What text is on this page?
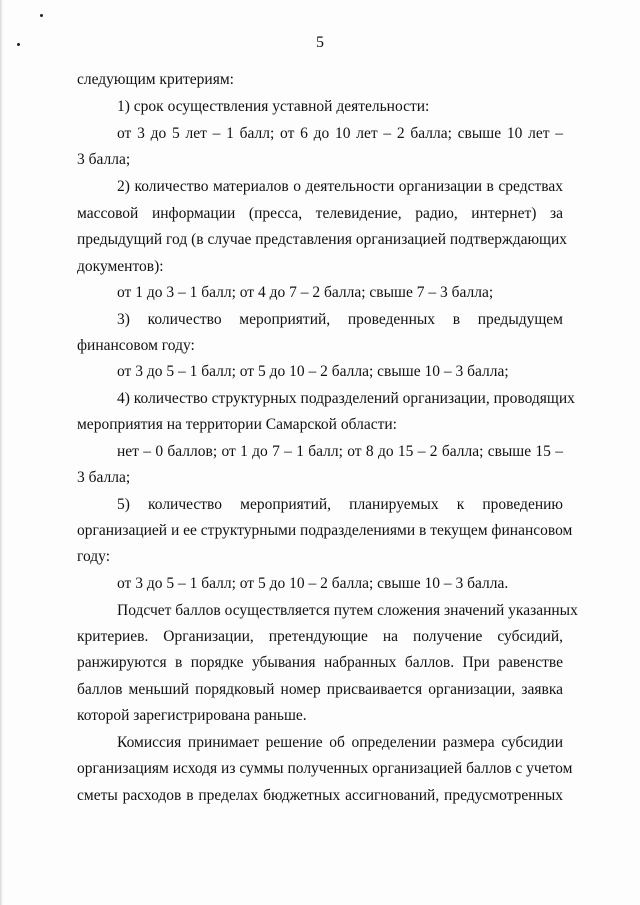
5
следующим критериям:
1) срок осуществления уставной деятельности:
от 3 до 5 лет – 1 балл; от 6 до 10 лет – 2 балла; свыше 10 лет –
3 балла;
2) количество материалов о деятельности организации в средствах
массовой информации (пресса, телевидение, радио, интернет) за
предыдущий год (в случае представления организацией подтверждающих
документов):
от 1 до 3 – 1 балл; от 4 до 7 – 2 балла; свыше 7 – 3 балла;
3) количество мероприятий, проведенных в предыдущем
финансовом году:
от 3 до 5 – 1 балл; от 5 до 10 – 2 балла; свыше 10 – 3 балла;
4) количество структурных подразделений организации, проводящих
мероприятия на территории Самарской области:
нет – 0 баллов; от 1 до 7 – 1 балл; от 8 до 15 – 2 балла; свыше 15 –
3 балла;
5) количество мероприятий, планируемых к проведению
организацией и ее структурными подразделениями в текущем финансовом
году:
от 3 до 5 – 1 балл; от 5 до 10 – 2 балла; свыше 10 – 3 балла.
Подсчет баллов осуществляется путем сложения значений указанных
критериев. Организации, претендующие на получение субсидий,
ранжируются в порядке убывания набранных баллов. При равенстве
баллов меньший порядковый номер присваивается организации, заявка
которой зарегистрирована раньше.
Комиссия принимает решение об определении размера субсидии
организациям исходя из суммы полученных организацией баллов с учетом
сметы расходов в пределах бюджетных ассигнований, предусмотренных
